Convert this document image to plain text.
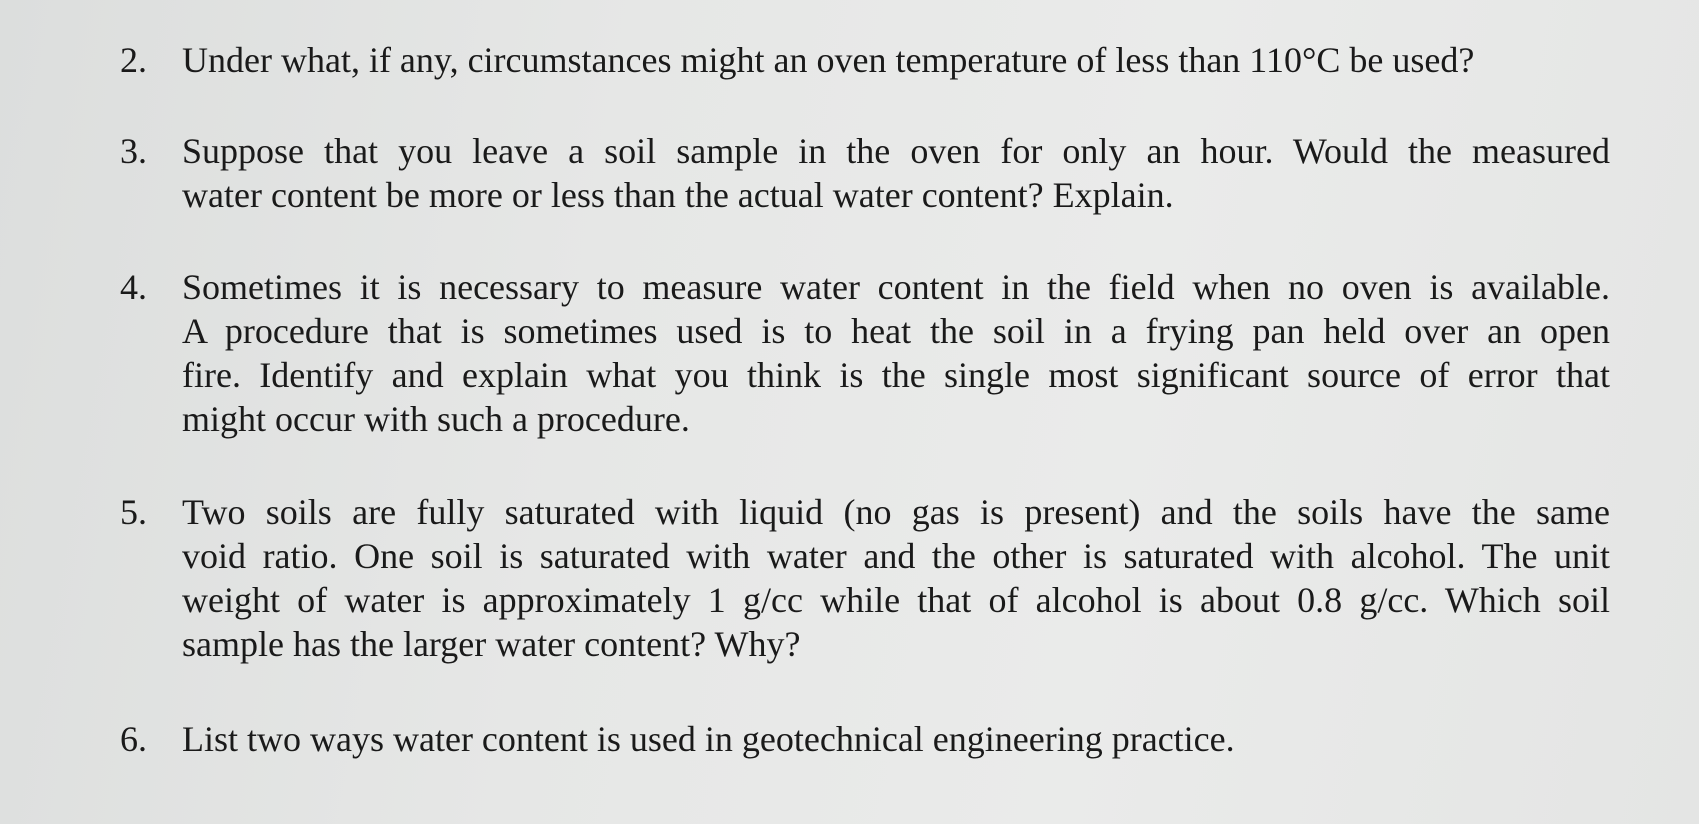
2. Under what, if any, circumstances might an oven temperature of less than 110°C be used?
3. Suppose that you leave a soil sample in the oven for only an hour. Would the measured
water content be more or less than the actual water content? Explain.
4. Sometimes it is necessary to measure water content in the field when no oven is available.
A procedure that is sometimes used is to heat the soil in a frying pan held over an open
fire. Identify and explain what you think is the single most significant source of error that
might occur with such a procedure.
5. Two soils are fully saturated with liquid (no gas is present) and the soils have the same
void ratio. One soil is saturated with water and the other is saturated with alcohol. The unit
weight of water is approximately 1 g/cc while that of alcohol is about 0.8 g/cc. Which soil
sample has the larger water content? Why?
6. List two ways water content is used in geotechnical engineering practice.
